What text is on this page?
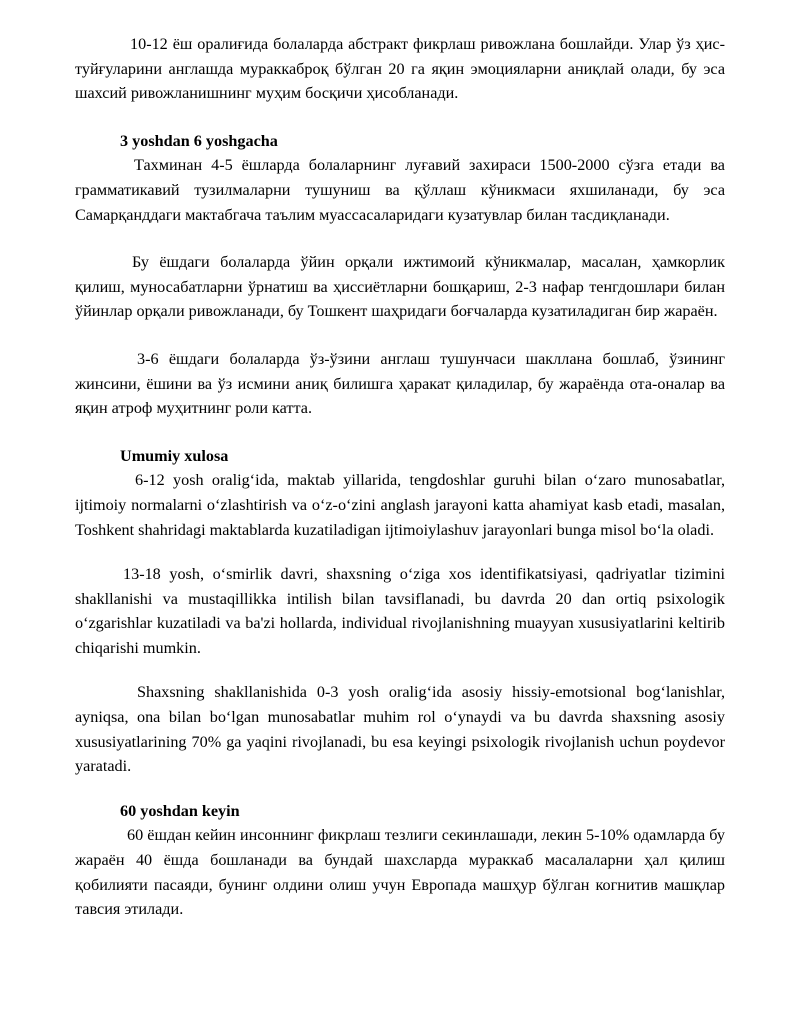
10-12 ёш оралиғида болаларда абстракт фикрлаш ривожлана бошлайди. Улар ўз ҳис-туйғуларини англашда мураккаброқ бўлган 20 га яқин эмоцияларни аниқлай олади, бу эса шахсий ривожланишнинг муҳим босқичи ҳисобланади.

3 yoshdan 6 yoshgacha

Тахминан 4-5 ёшларда болаларнинг луғавий захираси 1500-2000 сўзга етади ва грамматикавий тузилмаларни тушуниш ва қўллаш кўникмаси яхшиланади, бу эса Самарқанддаги мактабгача таълим муассасаларидаги кузатувлар билан тасдиқланади.

Бу ёшдаги болаларда ўйин орқали ижтимоий кўникмалар, масалан, ҳамкорлик қилиш, муносабатларни ўрнатиш ва ҳиссиётларни бошқариш, 2-3 нафар тенгдошлари билан ўйинлар орқали ривожланади, бу Тошкент шаҳридаги боғчаларда кузатиладиган бир жараён.

3-6 ёшдаги болаларда ўз-ўзини англаш тушунчаси шакллана бошлаб, ўзининг жинсини, ёшини ва ўз исмини аниқ билишга ҳаракат қиладилар, бу жараёнда ота-оналар ва яқин атроф муҳитнинг роли катта.

Umumiy xulosa

6-12 yosh oralig‘ida, maktab yillarida, tengdoshlar guruhi bilan o‘zaro munosabatlar, ijtimoiy normalarni o‘zlashtirish va o‘z-o‘zini anglash jarayoni katta ahamiyat kasb etadi, masalan, Toshkent shahridagi maktablarda kuzatiladigan ijtimoiylashuv jarayonlari bunga misol bo‘la oladi.

13-18 yosh, o‘smirlik davri, shaxsning o‘ziga xos identifikatsiyasi, qadriyatlar tizimini shakllanishi va mustaqillikka intilish bilan tavsiflanadi, bu davrda 20 dan ortiq psixologik o‘zgarishlar kuzatiladi va ba'zi hollarda, individual rivojlanishning muayyan xususiyatlarini keltirib chiqarishi mumkin.

Shaxsning shakllanishida 0-3 yosh oralig‘ida asosiy hissiy-emotsional bog‘lanishlar, ayniqsa, ona bilan bo‘lgan munosabatlar muhim rol o‘ynaydi va bu davrda shaxsning asosiy xususiyatlarining 70% ga yaqini rivojlanadi, bu esa keyingi psixologik rivojlanish uchun poydevor yaratadi.

60 yoshdan keyin

60 ёшдан кейин инсоннинг фикрлаш тезлиги секинлашади, лекин 5-10% одамларда бу жараён 40 ёшда бошланади ва бундай шахсларда мураккаб масалаларни ҳал қилиш қобилияти пасаяди, бунинг олдини олиш учун Европада машҳур бўлган когнитив машқлар тавсия этилади.
